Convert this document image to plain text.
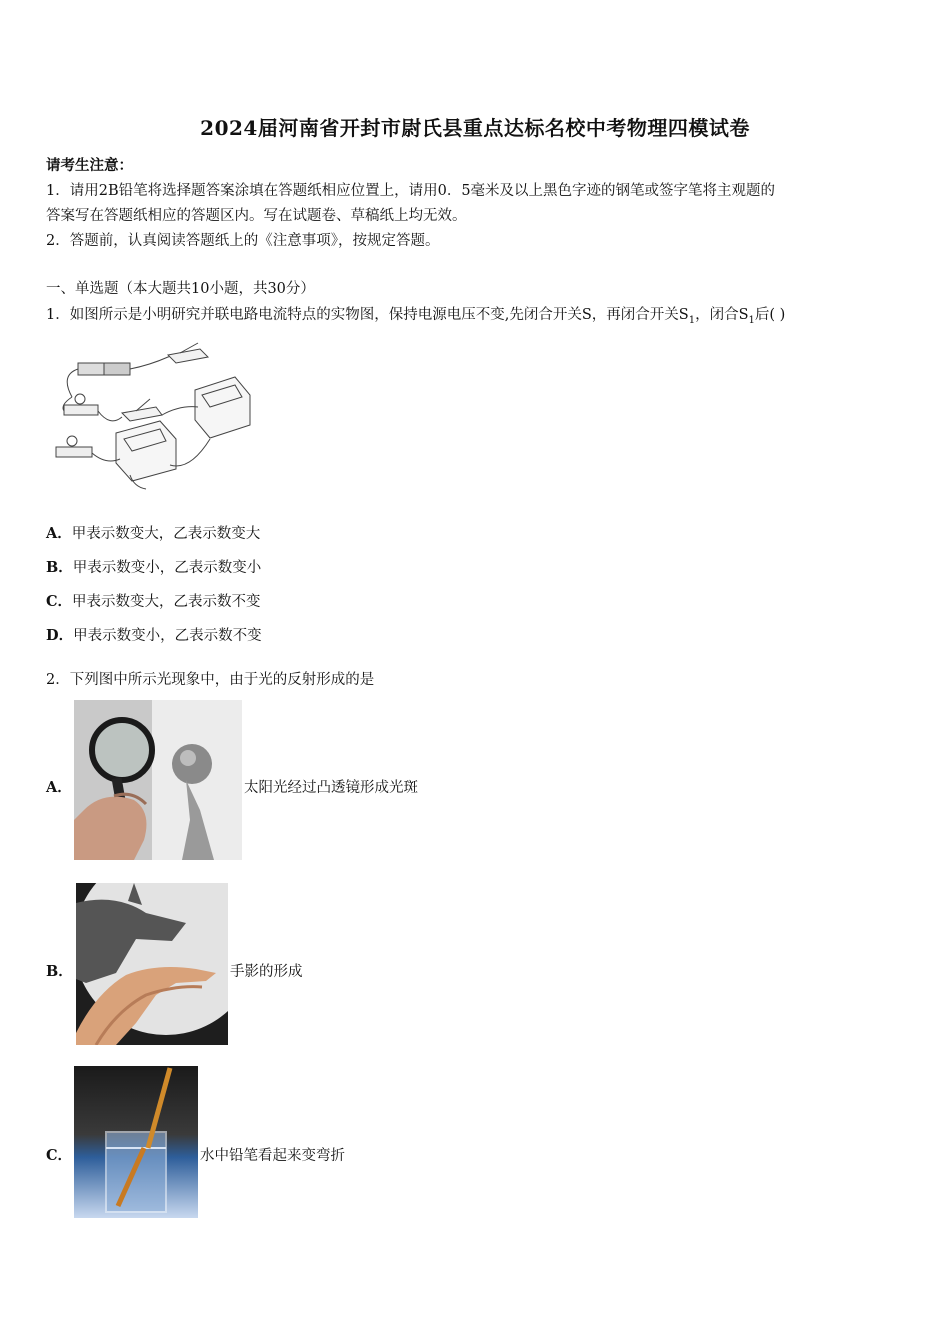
2024届河南省开封市尉氏县重点达标名校中考物理四模试卷
请考生注意：
1．请用2B铅笔将选择题答案涂填在答题纸相应位置上，请用0．5毫米及以上黑色字迹的钢笔或签字笔将主观题的
答案写在答题纸相应的答题区内。写在试题卷、草稿纸上均无效。
2．答题前，认真阅读答题纸上的《注意事项》，按规定答题。
一、单选题（本大题共10小题，共30分）
1．如图所示是小明研究并联电路电流特点的实物图，保持电源电压不变,先闭合开关S，再闭合开关$S_1$，闭合$S_1$后( )
A．甲表示数变大，乙表示数变大
B．甲表示数变小，乙表示数变小
C．甲表示数变大，乙表示数不变
D．甲表示数变小，乙表示数不变
2．下列图中所示光现象中，由于光的反射形成的是
A．	太阳光经过凸透镜形成光斑
B．	手影的形成
C．	水中铅笔看起来变弯折
